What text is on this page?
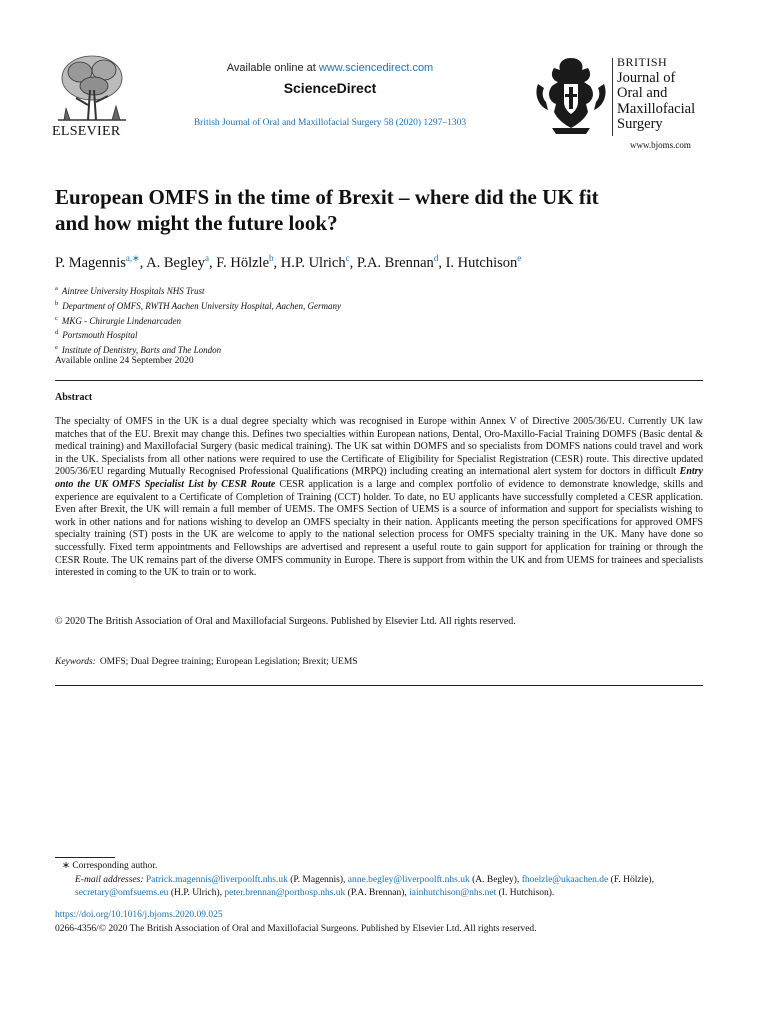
ELSEVIER
Available online at www.sciencedirect.com
ScienceDirect
British Journal of Oral and Maxillofacial Surgery 58 (2020) 1297–1303
BRITISH
Journal of
Oral and
Maxillofacial
Surgery
www.bjoms.com
European OMFS in the time of Brexit – where did the UK fit
and how might the future look?
P. Magennis$^{a,∗}$, A. Begley$^a$, F. Hölzle$^b$, H.P. Ulrich$^c$, P.A. Brennan$^d$, I. Hutchison$^e$
$^a$ Aintree University Hospitals NHS Trust
$^b$ Department of OMFS, RWTH Aachen University Hospital, Aachen, Germany
$^c$ MKG - Chirurgie Lindenarcaden
$^d$ Portsmouth Hospital
$^e$ Institute of Dentistry, Barts and The London
Available online 24 September 2020
Abstract
The specialty of OMFS in the UK is a dual degree specialty which was recognised in Europe within Annex V of Directive 2005/36/EU. Currently UK law matches that of the EU. Brexit may change this. Defines two specialties within European nations, Dental, Oro-Maxillo-Facial Training DOMFS (Basic dental & medical training) and Maxillofacial Surgery (basic medical training). The UK sat within DOMFS and so specialists from DOMFS nations could travel and work in the UK. Specialists from all other nations were required to use the Certificate of Eligibility for Specialist Registration (CESR) route. This directive updated 2005/36/EU regarding Mutually Recognised Professional Qualifications (MRPQ) including creating an international alert system for doctors in difficult Entry onto the UK OMFS Specialist List by CESR Route CESR application is a large and complex portfolio of evidence to demonstrate knowledge, skills and experience are equivalent to a Certificate of Completion of Training (CCT) holder. To date, no EU applicants have successfully completed a CESR application. Even after Brexit, the UK will remain a full member of UEMS. The OMFS Section of UEMS is a source of information and support for specialists wishing to work in other nations and for nations wishing to develop an OMFS specialty in their nation. Applicants meeting the person specifications for approved OMFS specialty training (ST) posts in the UK are welcome to apply to the national selection process for OMFS specialty training in the UK. Many have done so successfully. Fixed term appointments and Fellowships are advertised and represent a useful route to gain support for application for training or through the CESR Route. The UK remains part of the diverse OMFS community in Europe. There is support from within the UK and from UEMS for trainees and specialists interested in coming to the UK to train or to work.
© 2020 The British Association of Oral and Maxillofacial Surgeons. Published by Elsevier Ltd. All rights reserved.
Keywords: OMFS; Dual Degree training; European Legislation; Brexit; UEMS
∗ Corresponding author.
E-mail addresses: Patrick.magennis@liverpoolft.nhs.uk (P. Magennis), anne.begley@liverpoolft.nhs.uk (A. Begley), fhoelzle@ukaachen.de (F. Hölzle), secretary@omfsuems.eu (H.P. Ulrich), peter.brennan@porthosp.nhs.uk (P.A. Brennan), iainhutchison@nhs.net (I. Hutchison).
https://doi.org/10.1016/j.bjoms.2020.09.025
0266-4356/© 2020 The British Association of Oral and Maxillofacial Surgeons. Published by Elsevier Ltd. All rights reserved.
